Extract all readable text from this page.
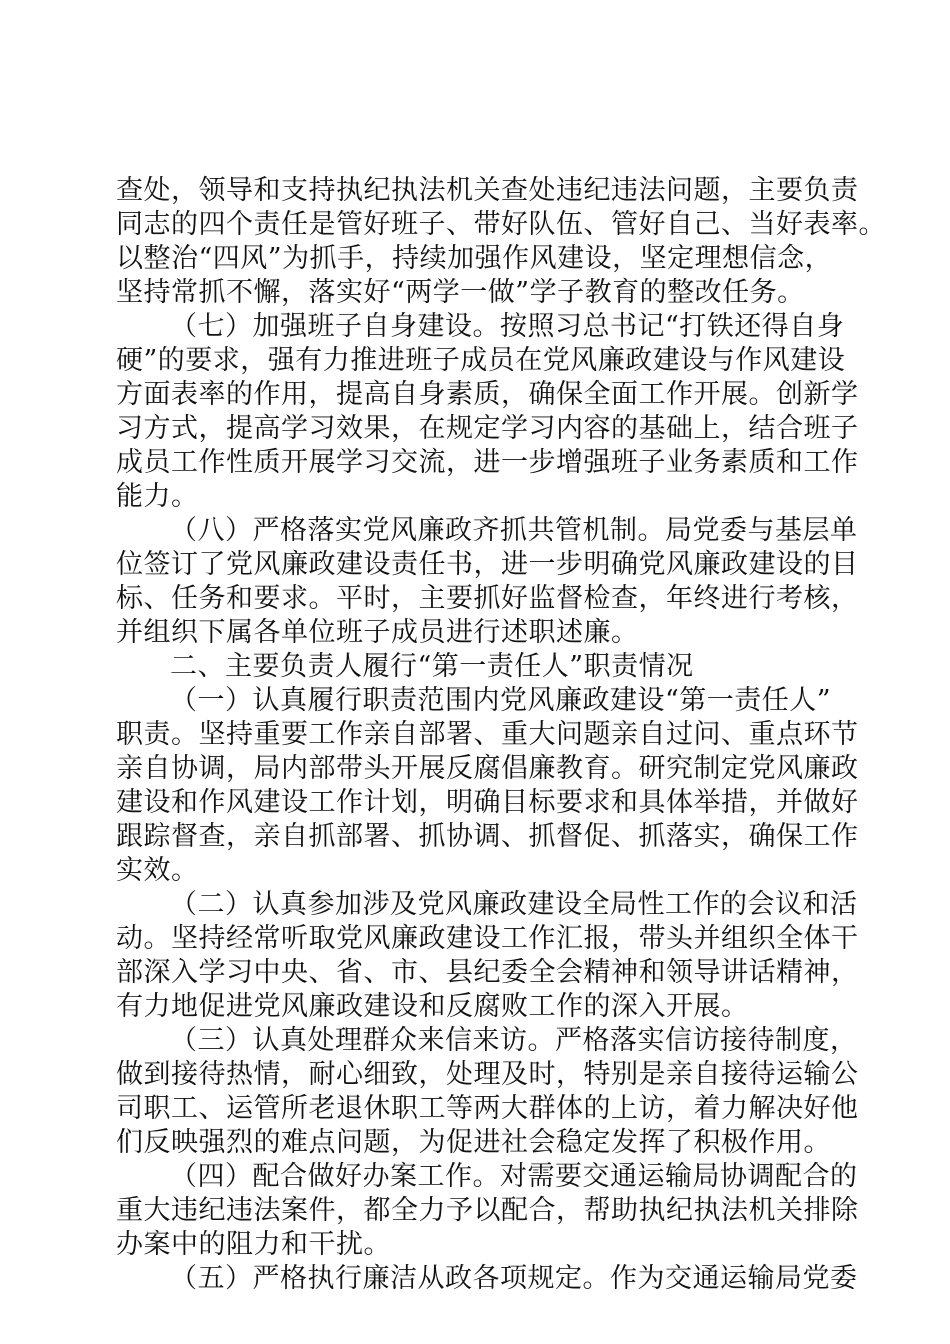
查处，领导和支持执纪执法机关查处违纪违法问题，主要负责
同志的四个责任是管好班子、带好队伍、管好自己、当好表率。
以整治“四风”为抓手，持续加强作风建设，坚定理想信念，
坚持常抓不懈，落实好“两学一做”学子教育的整改任务。
（七）加强班子自身建设。按照习总书记“打铁还得自身
硬”的要求，强有力推进班子成员在党风廉政建设与作风建设
方面表率的作用，提高自身素质，确保全面工作开展。创新学
习方式，提高学习效果，在规定学习内容的基础上，结合班子
成员工作性质开展学习交流，进一步增强班子业务素质和工作
能力。
（八）严格落实党风廉政齐抓共管机制。局党委与基层单
位签订了党风廉政建设责任书，进一步明确党风廉政建设的目
标、任务和要求。平时，主要抓好监督检查，年终进行考核，
并组织下属各单位班子成员进行述职述廉。
二、主要负责人履行“第一责任人”职责情况
（一）认真履行职责范围内党风廉政建设“第一责任人”
职责。坚持重要工作亲自部署、重大问题亲自过问、重点环节
亲自协调，局内部带头开展反腐倡廉教育。研究制定党风廉政
建设和作风建设工作计划，明确目标要求和具体举措，并做好
跟踪督查，亲自抓部署、抓协调、抓督促、抓落实，确保工作
实效。
（二）认真参加涉及党风廉政建设全局性工作的会议和活
动。坚持经常听取党风廉政建设工作汇报，带头并组织全体干
部深入学习中央、省、市、县纪委全会精神和领导讲话精神，
有力地促进党风廉政建设和反腐败工作的深入开展。
（三）认真处理群众来信来访。严格落实信访接待制度，
做到接待热情，耐心细致，处理及时，特别是亲自接待运输公
司职工、运管所老退休职工等两大群体的上访，着力解决好他
们反映强烈的难点问题，为促进社会稳定发挥了积极作用。
（四）配合做好办案工作。对需要交通运输局协调配合的
重大违纪违法案件，都全力予以配合，帮助执纪执法机关排除
办案中的阻力和干扰。
（五）严格执行廉洁从政各项规定。作为交通运输局党委
